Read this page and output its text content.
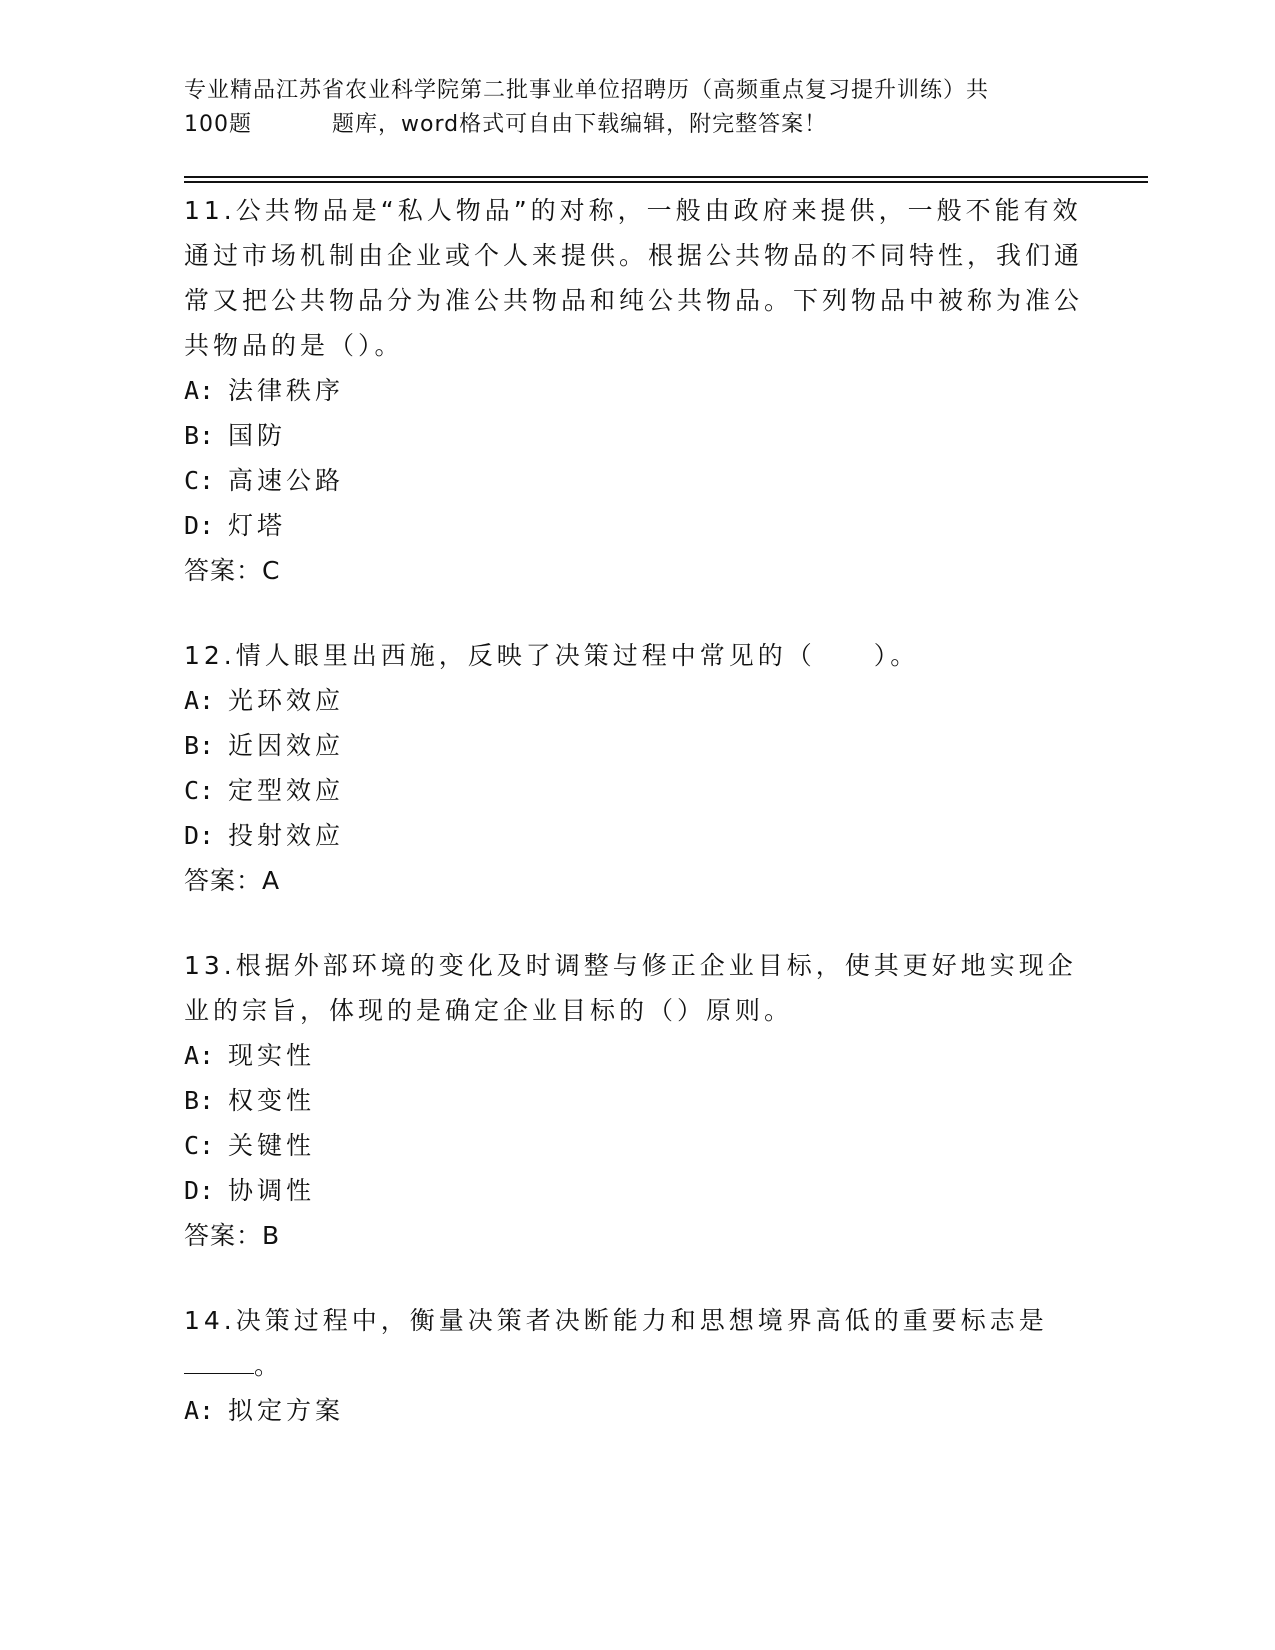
专业精品江苏省农业科学院第二批事业单位招聘历（高频重点复习提升训练）共
100题	题库，word格式可自由下载编辑，附完整答案！
11.公共物品是“私人物品”的对称，一般由政府来提供，一般不能有效通过市场机制由企业或个人来提供。根据公共物品的不同特性，我们通常又把公共物品分为准公共物品和纯公共物品。下列物品中被称为准公共物品的是（）。
A: 法律秩序
B: 国防
C: 高速公路
D: 灯塔
答案：C
12.情人眼里出西施，反映了决策过程中常见的（　　）。
A: 光环效应
B: 近因效应
C: 定型效应
D: 投射效应
答案：A
13.根据外部环境的变化及时调整与修正企业目标，使其更好地实现企业的宗旨，体现的是确定企业目标的（）原则。
A: 现实性
B: 权变性
C: 关键性
D: 协调性
答案：B
14.决策过程中，衡量决策者决断能力和思想境界高低的重要标志是
。
A: 拟定方案
